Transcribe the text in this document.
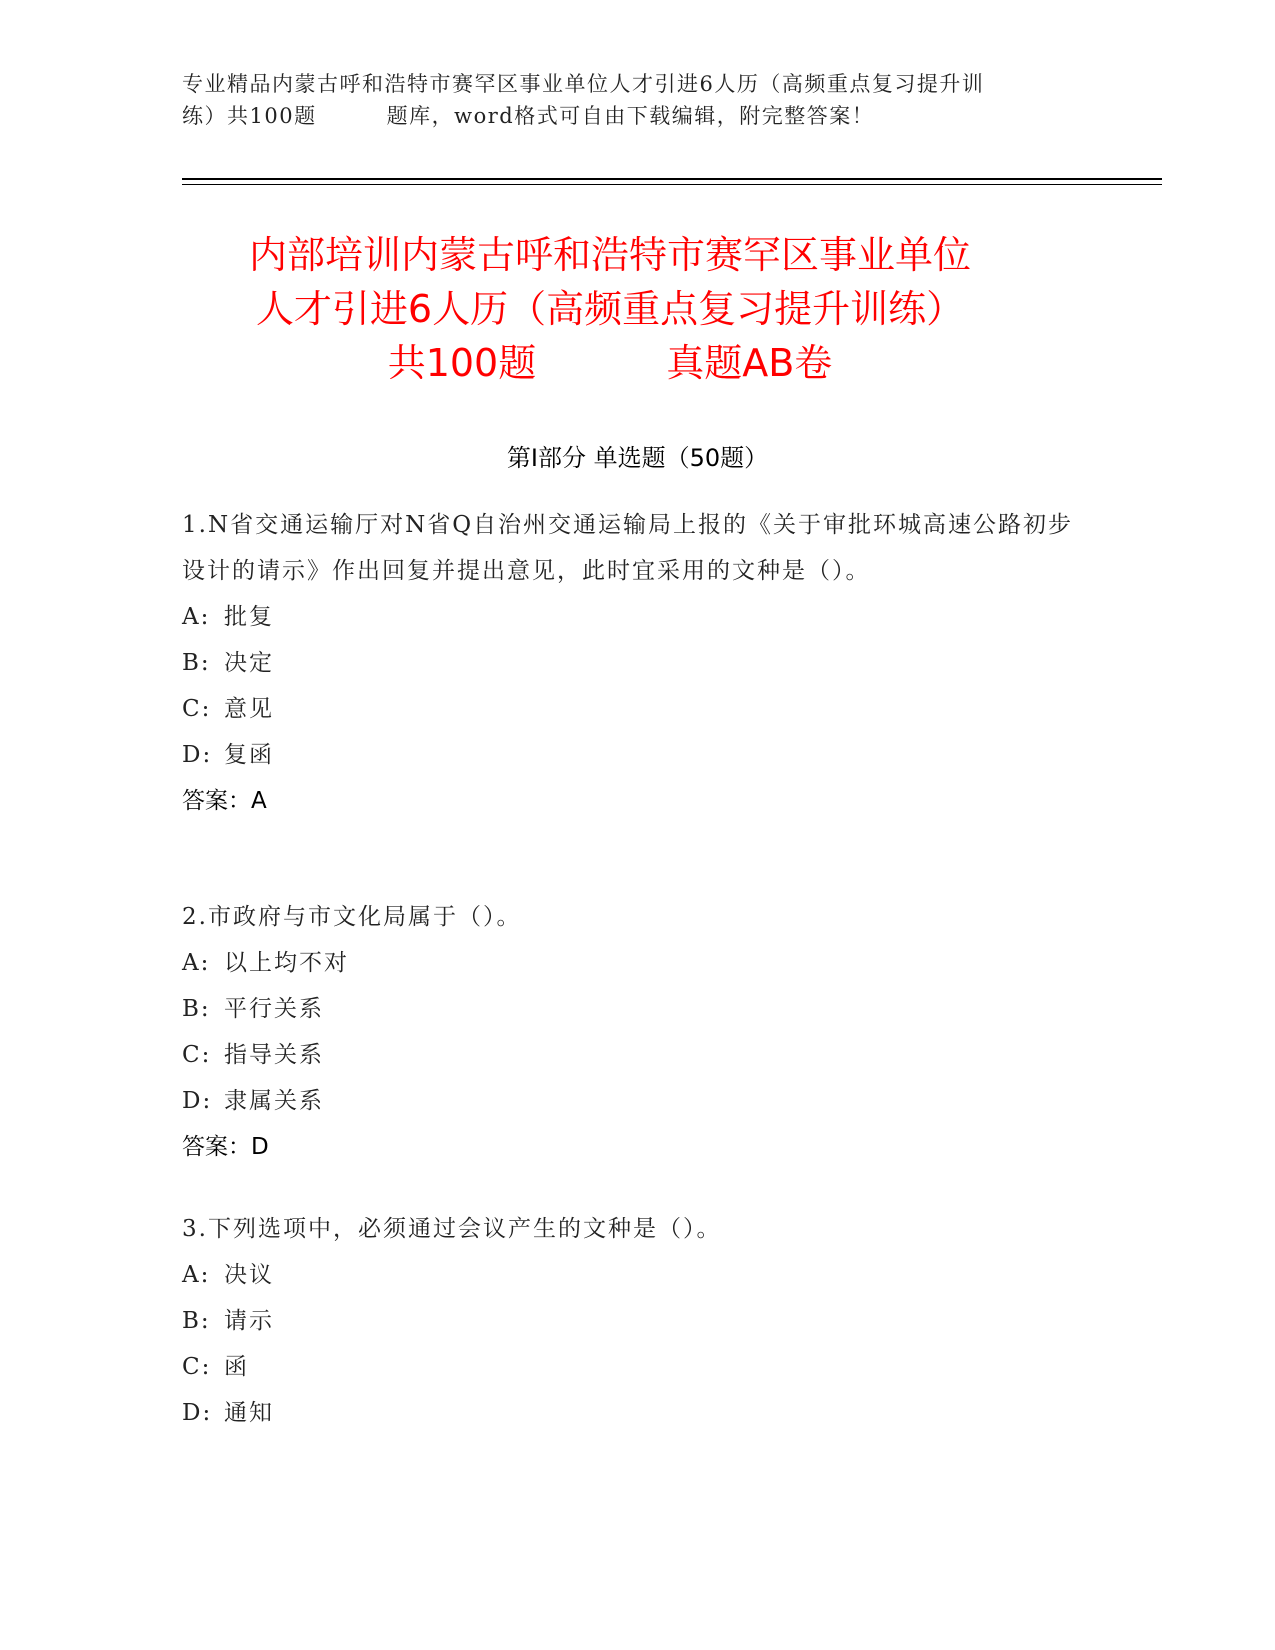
专业精品内蒙古呼和浩特市赛罕区事业单位人才引进6人历（高频重点复习提升训
练）共100题	题库，word格式可自由下载编辑，附完整答案！
内部培训内蒙古呼和浩特市赛罕区事业单位
人才引进6人历（高频重点复习提升训练）
共100题	真题AB卷
第I部分 单选题（50题）
1.N省交通运输厅对N省Q自治州交通运输局上报的《关于审批环城高速公路初步设计的请示》作出回复并提出意见，此时宜采用的文种是（）。
A: 批复
B: 决定
C: 意见
D: 复函
答案：A
2.市政府与市文化局属于（）。
A: 以上均不对
B: 平行关系
C: 指导关系
D: 隶属关系
答案：D
3.下列选项中，必须通过会议产生的文种是（）。
A: 决议
B: 请示
C: 函
D: 通知
